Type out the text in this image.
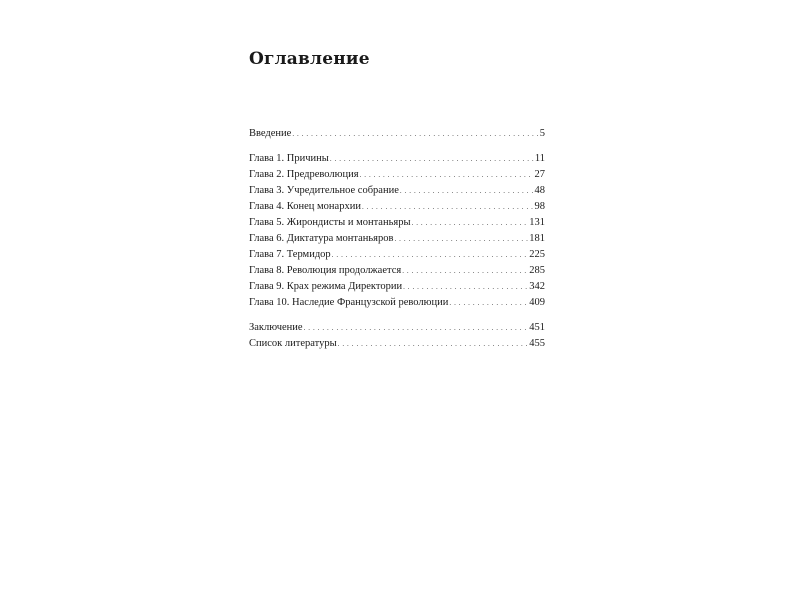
Оглавление
Введение . . .	5
Глава 1. Причины . . .	11
Глава 2. Предреволюция . . .	27
Глава 3. Учредительное собрание . . .	48
Глава 4. Конец монархии . . .	98
Глава 5. Жирондисты и монтаньяры . . .	131
Глава 6. Диктатура монтаньяров . . .	181
Глава 7. Термидор . . .	225
Глава 8. Революция продолжается . . .	285
Глава 9. Крах режима Директории . . .	342
Глава 10. Наследие Французской революции . . .	409
Заключение . . .	451
Список литературы . . .	455
